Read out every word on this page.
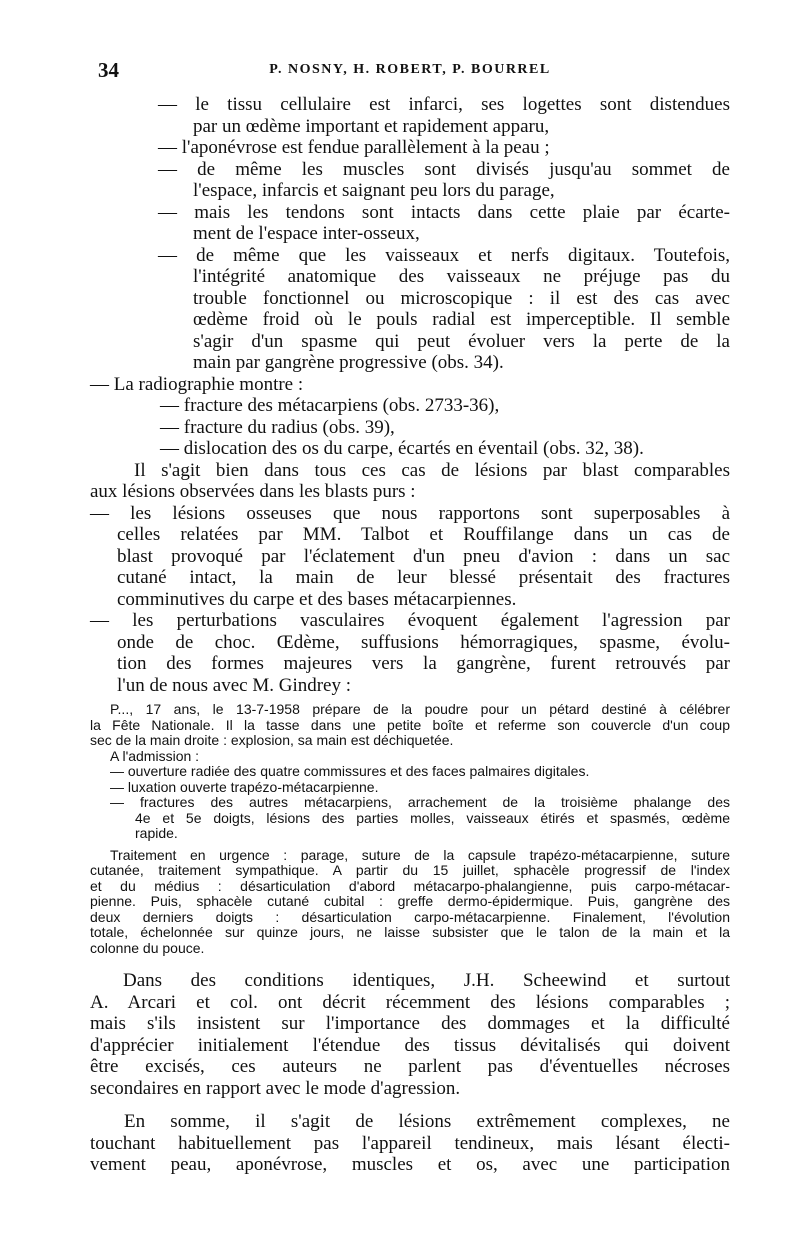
34	P. NOSNY, H. ROBERT, P. BOURREL
— le tissu cellulaire est infarci, ses logettes sont distendues
par un œdème important et rapidement apparu,
— l'aponévrose est fendue parallèlement à la peau ;
— de même les muscles sont divisés jusqu'au sommet de
l'espace, infarcis et saignant peu lors du parage,
— mais les tendons sont intacts dans cette plaie par écarte-
ment de l'espace inter-osseux,
— de même que les vaisseaux et nerfs digitaux. Toutefois,
l'intégrité anatomique des vaisseaux ne préjuge pas du
trouble fonctionnel ou microscopique : il est des cas avec
œdème froid où le pouls radial est imperceptible. Il semble
s'agir d'un spasme qui peut évoluer vers la perte de la
main par gangrène progressive (obs. 34).
— La radiographie montre :
— fracture des métacarpiens (obs. 2733-36),
— fracture du radius (obs. 39),
— dislocation des os du carpe, écartés en éventail (obs. 32, 38).
Il s'agit bien dans tous ces cas de lésions par blast comparables
aux lésions observées dans les blasts purs :
— les lésions osseuses que nous rapportons sont superposables à
celles relatées par MM. Talbot et Rouffilange dans un cas de
blast provoqué par l'éclatement d'un pneu d'avion : dans un sac
cutané intact, la main de leur blessé présentait des fractures
comminutives du carpe et des bases métacarpiennes.
— les perturbations vasculaires évoquent également l'agression par
onde de choc. Œdème, suffusions hémorragiques, spasme, évolu-
tion des formes majeures vers la gangrène, furent retrouvés par
l'un de nous avec M. Gindrey :
P..., 17 ans, le 13-7-1958 prépare de la poudre pour un pétard destiné à célébrer
la Fête Nationale. Il la tasse dans une petite boîte et referme son couvercle d'un coup
sec de la main droite : explosion, sa main est déchiquetée.
A l'admission :
— ouverture radiée des quatre commissures et des faces palmaires digitales.
— luxation ouverte trapézo-métacarpienne.
— fractures des autres métacarpiens, arrachement de la troisième phalange des
4e et 5e doigts, lésions des parties molles, vaisseaux étirés et spasmés, œdème
rapide.
Traitement en urgence : parage, suture de la capsule trapézo-métacarpienne, suture
cutanée, traitement sympathique. A partir du 15 juillet, sphacèle progressif de l'index
et du médius : désarticulation d'abord métacarpo-phalangienne, puis carpo-métacar-
pienne. Puis, sphacèle cutané cubital : greffe dermo-épidermique. Puis, gangrène des
deux derniers doigts : désarticulation carpo-métacarpienne. Finalement, l'évolution
totale, échelonnée sur quinze jours, ne laisse subsister que le talon de la main et la
colonne du pouce.
Dans des conditions identiques, J.H. Scheewind et surtout
A. Arcari et col. ont décrit récemment des lésions comparables ;
mais s'ils insistent sur l'importance des dommages et la difficulté
d'apprécier initialement l'étendue des tissus dévitalisés qui doivent
être excisés, ces auteurs ne parlent pas d'éventuelles nécroses
secondaires en rapport avec le mode d'agression.
En somme, il s'agit de lésions extrêmement complexes, ne
touchant habituellement pas l'appareil tendineux, mais lésant électi-
vement peau, aponévrose, muscles et os, avec une participation
